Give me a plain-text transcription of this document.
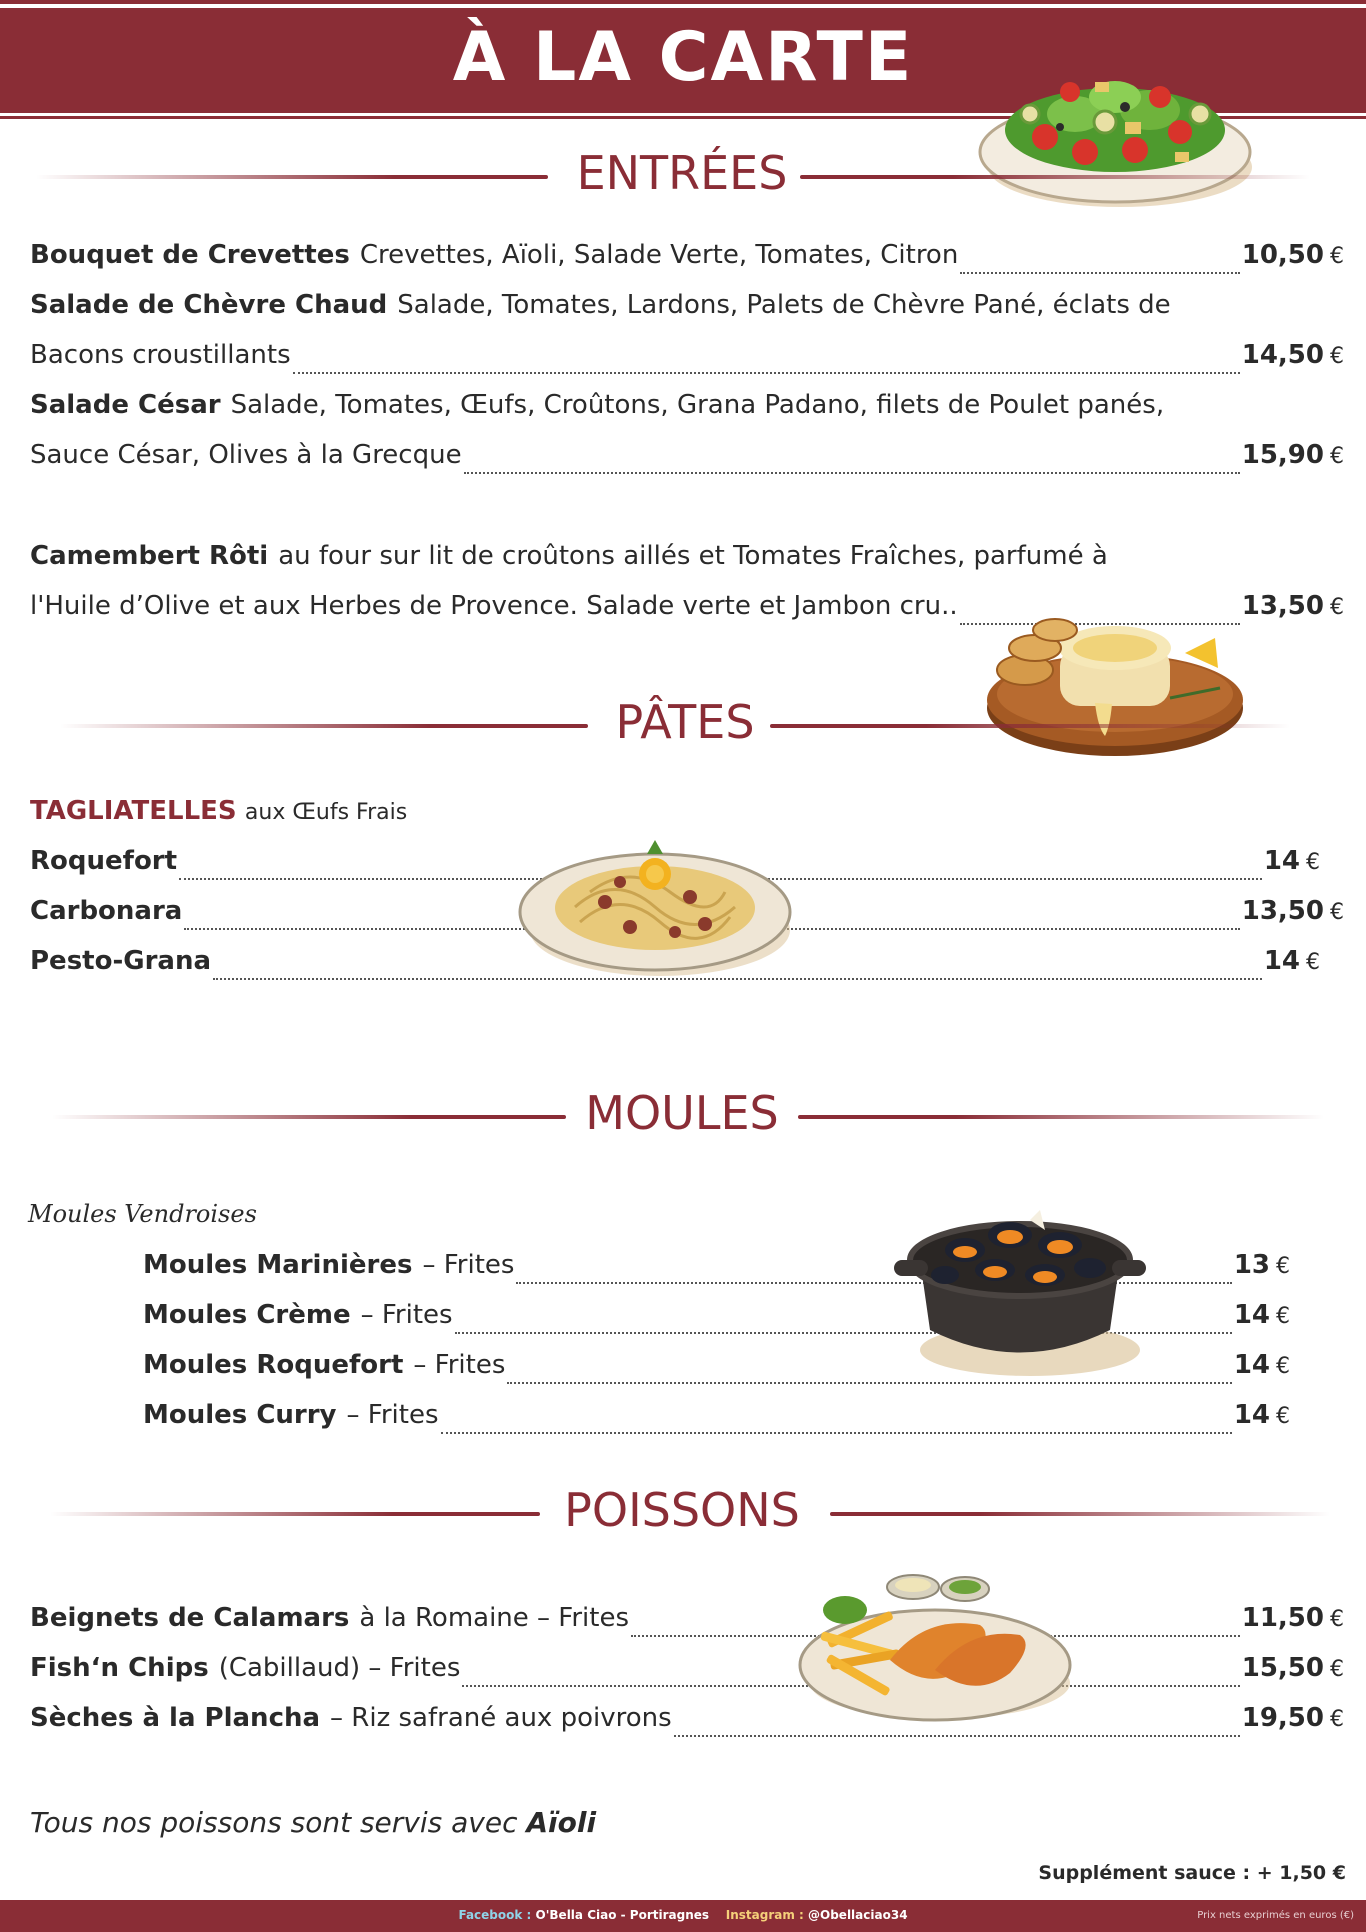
À LA CARTE
ENTRÉES
Bouquet de Crevettes Crevettes, Aïoli, Salade Verte, Tomates, Citron	10,50 €
Salade de Chèvre Chaud Salade, Tomates, Lardons, Palets de Chèvre Pané, éclats de
Bacons croustillants	14,50 €
Salade César Salade, Tomates, Œufs, Croûtons, Grana Padano, filets de Poulet panés,
Sauce César, Olives à la Grecque	15,90 €
Camembert Rôti au four sur lit de croûtons aillés et Tomates Fraîches, parfumé à
l'Huile d’Olive et aux Herbes de Provence. Salade verte et Jambon cru..	13,50 €
PÂTES
TAGLIATELLES aux Œufs Frais
Roquefort	14 €
Carbonara	13,50 €
Pesto-Grana	14 €
MOULES
Moules Vendroises
Moules Marinières – Frites	13 €
Moules Crème – Frites	14 €
Moules Roquefort – Frites	14 €
Moules Curry – Frites	14 €
POISSONS
Beignets de Calamars à la Romaine – Frites	11,50 €
Fish‘n Chips (Cabillaud) – Frites	15,50 €
Sèches à la Plancha – Riz safrané aux poivrons	19,50 €
Tous nos poissons sont servis avec Aïoli
Supplément sauce : + 1,50 €
Facebook : O'Bella Ciao - Portiragnes Instagram : @Obellaciao34	Prix nets exprimés en euros (€)
